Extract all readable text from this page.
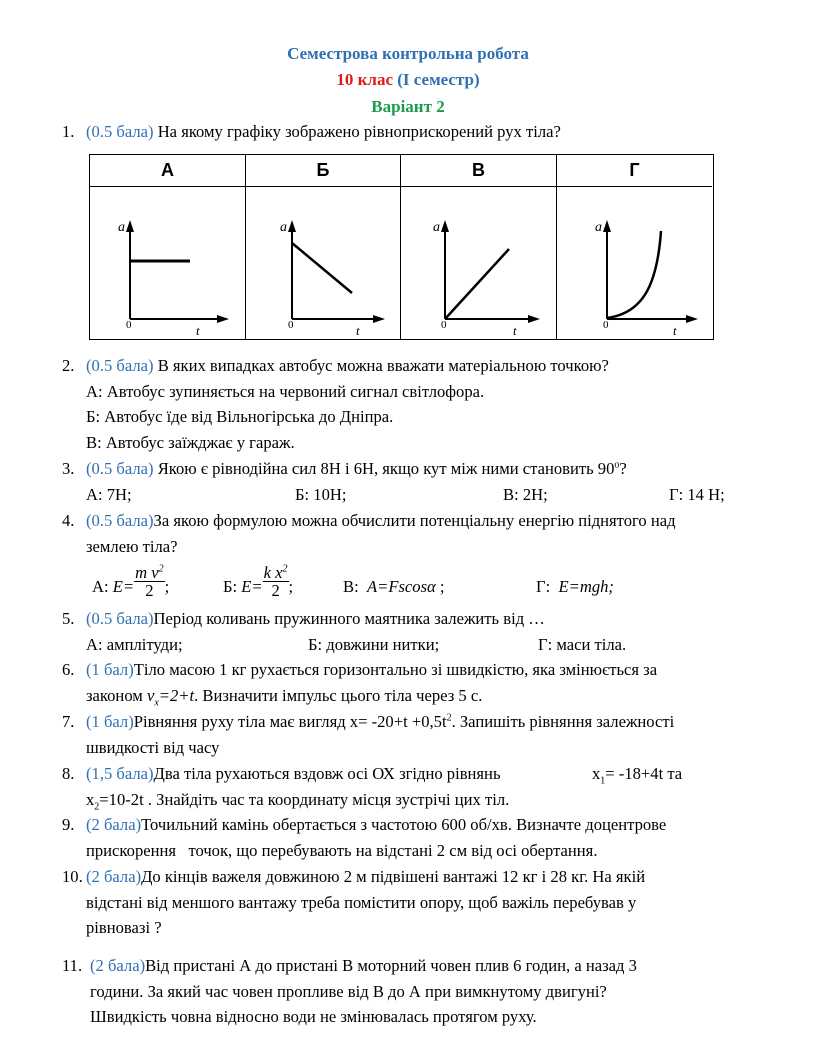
Семестрова контрольна робота
10 клас (І семестр)
Варіант 2
1. (0.5 бала) На якому графіку зображено рівноприскорений рух тіла?
А
a
0	t
Б
a
0	t
В
a
0	t
Г
a
0	t
2. (0.5 бала) В яких випадках автобус можна вважати матеріальною точкою?
А: Автобус зупиняється на червоний сигнал світлофора.
Б: Автобус їде від Вільногірська до Дніпра.
В: Автобус заїжджає у гараж.
3. (0.5 бала) Якою є рівнодійна сил 8Н і 6Н, якщо кут між ними становить $90^о$?
А: 7Н;	Б: 10Н;	В: 2Н;	Г: 14 Н;
4. (0.5 бала)За якою формулою можна обчислити потенціальну енергію піднятого над
землею тіла?
А: $E= \frac{m v^2}{2}$ ;	Б: $E= \frac{k x^2}{2}$ ;	В: A=Fscosα ;	Г: E=mgh;
5. (0.5 бала)Період коливань пружинного маятника залежить від …
А: амплітуди;	Б: довжини нитки;	Г: маси тіла.
6. (1 бал)Тіло масою 1 кг рухається горизонтально зі швидкістю, яка змінюється за
законом $v_x=2+t$. Визначити імпульс цього тіла через 5 с.
7. (1 бал)Рівняння руху тіла має вигляд $x= -20+t +0,5t^2$. Запишіть рівняння залежності
швидкості від часу
8. (1,5 бала)Два тіла рухаються вздовж осі ОХ згідно рівнянь	$x_1= -18+4t$ та
$x_2=10-2t$ . Знайдіть час та координату місця зустрічі цих тіл.
9. (2 бала)Точильний камінь обертається з частотою 600 об/хв. Визначте доцентрове
прискорення   точок, що перебувають на відстані 2 см від осі обертання.
10. (2 бала)До кінців важеля довжиною 2 м підвішені вантажі 12 кг і 28 кг. На якій
відстані від меншого вантажу треба помістити опору, щоб важіль перебував у
рівновазі ?
11. (2 бала)Від пристані А до пристані В моторний човен плив 6 годин, а назад 3
години. За який час човен пропливе від В до А при вимкнутому двигуні?
Швидкість човна відносно води не змінювалась протягом руху.
